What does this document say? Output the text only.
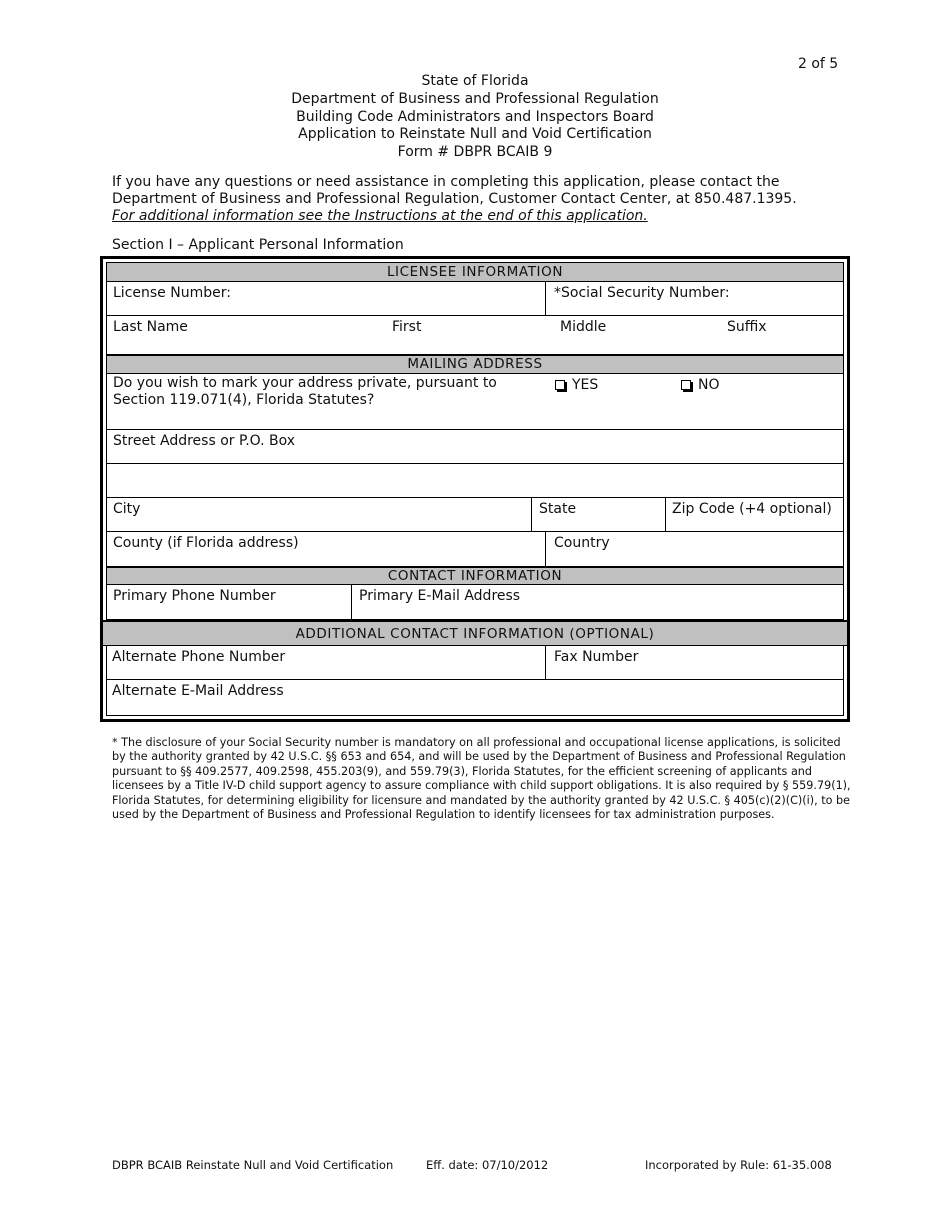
2 of 5
State of Florida
Department of Business and Professional Regulation
Building Code Administrators and Inspectors Board
Application to Reinstate Null and Void Certification
Form # DBPR BCAIB 9
If you have any questions or need assistance in completing this application, please contact the
Department of Business and Professional Regulation, Customer Contact Center, at 850.487.1395.
For additional information see the Instructions at the end of this application.
Section I – Applicant Personal Information
LICENSEE INFORMATION
License Number:	*Social Security Number:
Last Name	First	Middle	Suffix
MAILING ADDRESS
Do you wish to mark your address private, pursuant to
Section 119.071(4), Florida Statutes?
YES	NO
Street Address or P.O. Box
City	State	Zip Code (+4 optional)
County (if Florida address)	Country
CONTACT INFORMATION
Primary Phone Number	Primary E-Mail Address
ADDITIONAL CONTACT INFORMATION (OPTIONAL)
Alternate Phone Number	Fax Number
Alternate E-Mail Address
* The disclosure of your Social Security number is mandatory on all professional and occupational license applications, is solicited
by the authority granted by 42 U.S.C. §§ 653 and 654, and will be used by the Department of Business and Professional Regulation
pursuant to §§ 409.2577, 409.2598, 455.203(9), and 559.79(3), Florida Statutes, for the efficient screening of applicants and
licensees by a Title IV-D child support agency to assure compliance with child support obligations. It is also required by § 559.79(1),
Florida Statutes, for determining eligibility for licensure and mandated by the authority granted by 42 U.S.C. § 405(c)(2)(C)(i), to be
used by the Department of Business and Professional Regulation to identify licensees for tax administration purposes.
DBPR BCAIB Reinstate Null and Void Certification	Eff. date: 07/10/2012	Incorporated by Rule: 61-35.008
